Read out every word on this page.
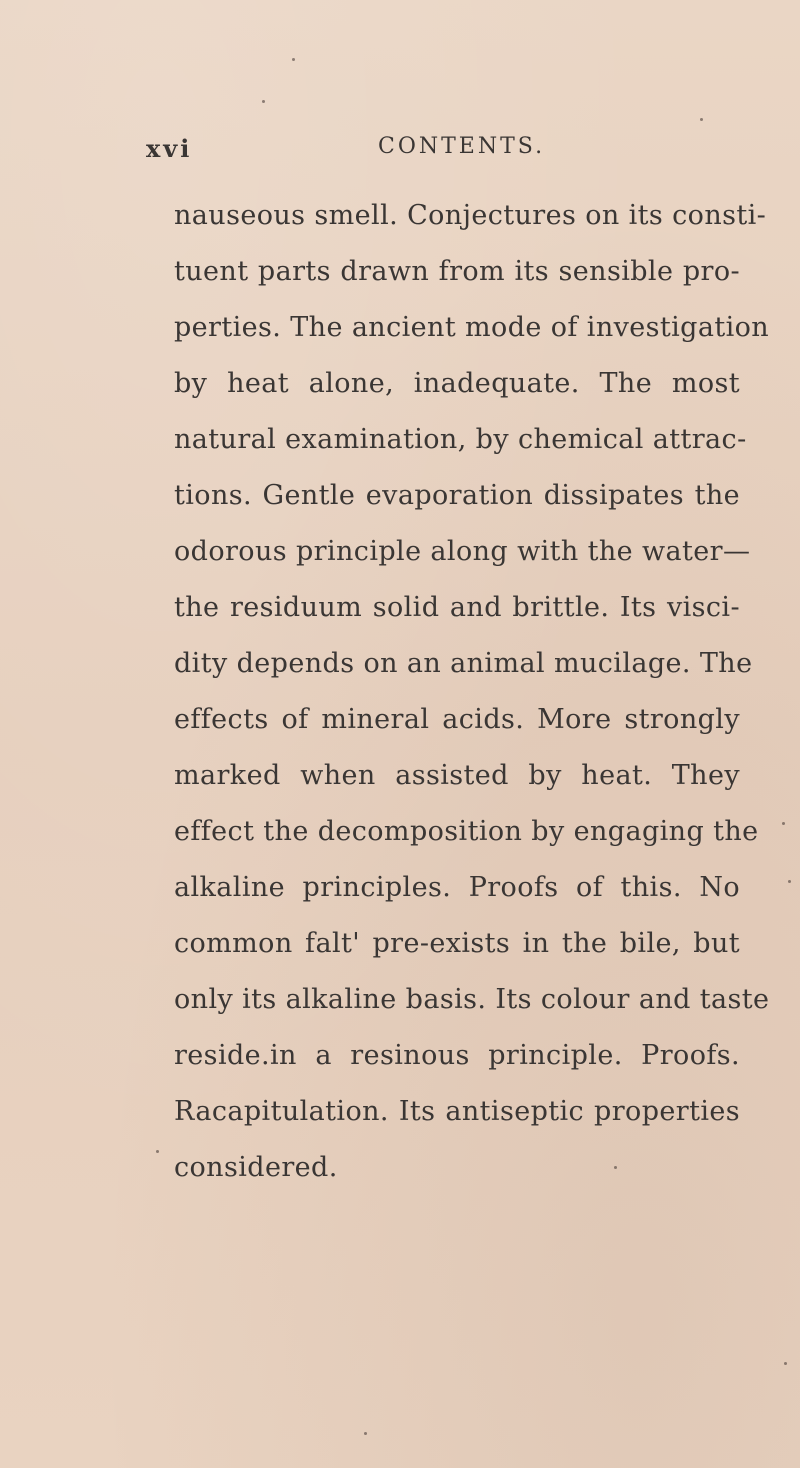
xvi	CONTENTS.
nauseous smell. Conjectures on its consti-
tuent parts drawn from its sensible pro-
perties. The ancient mode of investigation
by heat alone, inadequate. The most
natural examination, by chemical attrac-
tions. Gentle evaporation dissipates the
odorous principle along with the water—
the residuum solid and brittle. Its visci-
dity depends on an animal mucilage. The
effects of mineral acids. More strongly
marked when assisted by heat. They
effect the decomposition by engaging the
alkaline principles. Proofs of this. No
common falt' pre-exists in the bile, but
only its alkaline basis. Its colour and taste
reside.in a resinous principle. Proofs.
Racapitulation. Its antiseptic properties
considered.
